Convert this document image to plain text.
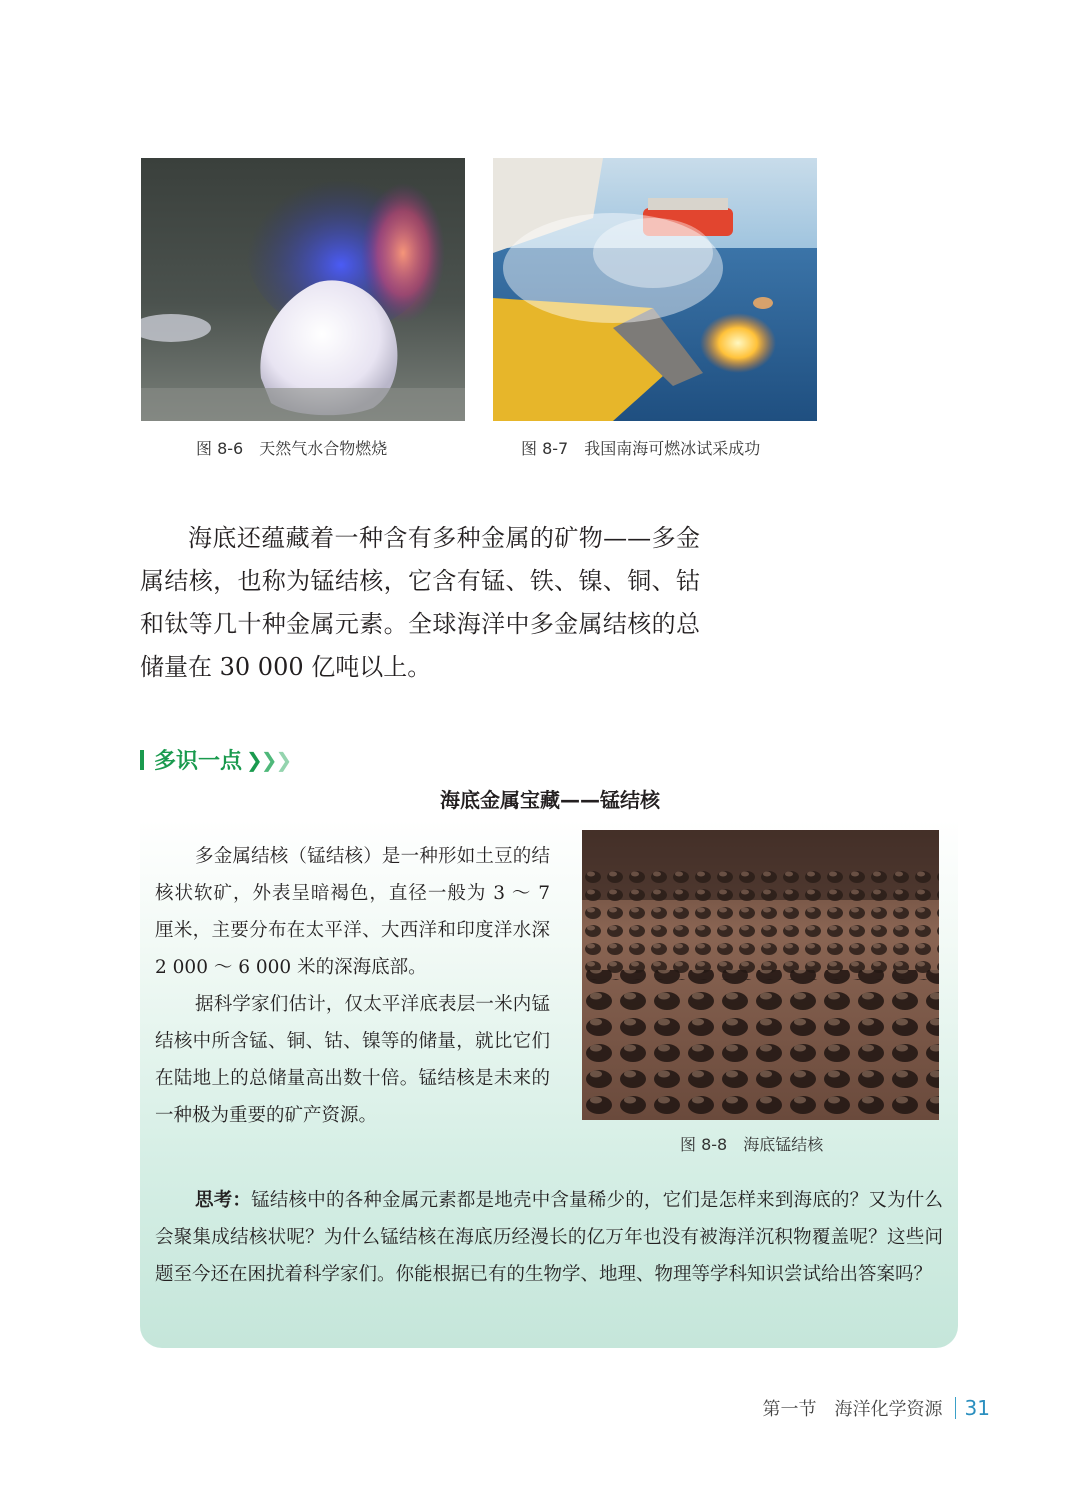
图 8-6　天然气水合物燃烧	图 8-7　我国南海可燃冰试采成功

海底还蕴藏着一种含有多种金属的矿物——多金属结核，也称为锰结核，它含有锰、铁、镍、铜、钴和钛等几十种金属元素。全球海洋中多金属结核的总储量在 30 000 亿吨以上。

多识一点 ❯❯❯
海底金属宝藏——锰结核

多金属结核（锰结核）是一种形如土豆的结核状软矿，外表呈暗褐色，直径一般为 3 ～ 7 厘米，主要分布在太平洋、大西洋和印度洋水深 2 000 ～ 6 000 米的深海底部。

据科学家们估计，仅太平洋底表层一米内锰结核中所含锰、铜、钴、镍等的储量，就比它们在陆地上的总储量高出数十倍。锰结核是未来的一种极为重要的矿产资源。

图 8-8　海底锰结核
思考：锰结核中的各种金属元素都是地壳中含量稀少的，它们是怎样来到海底的？又为什么会聚集成结核状呢？为什么锰结核在海底历经漫长的亿万年也没有被海洋沉积物覆盖呢？这些问题至今还在困扰着科学家们。你能根据已有的生物学、地理、物理等学科知识尝试给出答案吗？
第一节 海洋化学资源 31
